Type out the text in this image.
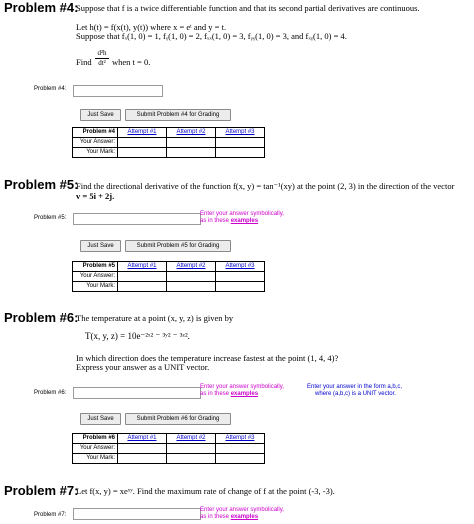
Problem #4:
Suppose that f is a twice differentiable function and that its second partial derivatives are continuous.
Let h(t) = f(x(t), y(t)) where x = eᵗ and y = t.
Suppose that fₓ(1, 0) = 1, fᵧ(1, 0) = 2, fₓₓ(1, 0) = 3, fᵧᵧ(1, 0) = 3, and fₓᵧ(1, 0) = 4.
Find
d²h
dt² when t = 0.
Problem #4:
Just Save	Submit Problem #4 for Grading
Problem #4	Attempt #1	Attempt #2	Attempt #3
Your Answer:			
Your Mark:			
Problem #5:
Find the directional derivative of the function f(x, y) = tan⁻¹(xy) at the point (2, 3) in the direction of the vector
v = 5i + 2j.
Problem #5:
Enter your answer symbolically,
as in these examples
Just Save	Submit Problem #5 for Grading
Problem #5	Attempt #1	Attempt #2	Attempt #3
Your Answer:			
Your Mark:			
Problem #6:
The temperature at a point (x, y, z) is given by
T(x, y, z) = 10e⁻²ˣ² ⁻ ³ʸ² ⁻ ³ᶻ².
In which direction does the temperature increase fastest at the point (1, 4, 4)?
Express your answer as a UNIT vector.
Problem #6:
Enter your answer symbolically,
as in these examples
Enter your answer in the form a,b,c,
where (a,b,c) is a UNIT vector.
Just Save	Submit Problem #6 for Grading
Problem #6	Attempt #1	Attempt #2	Attempt #3
Your Answer:			
Your Mark:			
Problem #7:
Let f(x, y) = xeˣʸ. Find the maximum rate of change of f at the point (-3, -3).
Problem #7:
Enter your answer symbolically,
as in these examples
